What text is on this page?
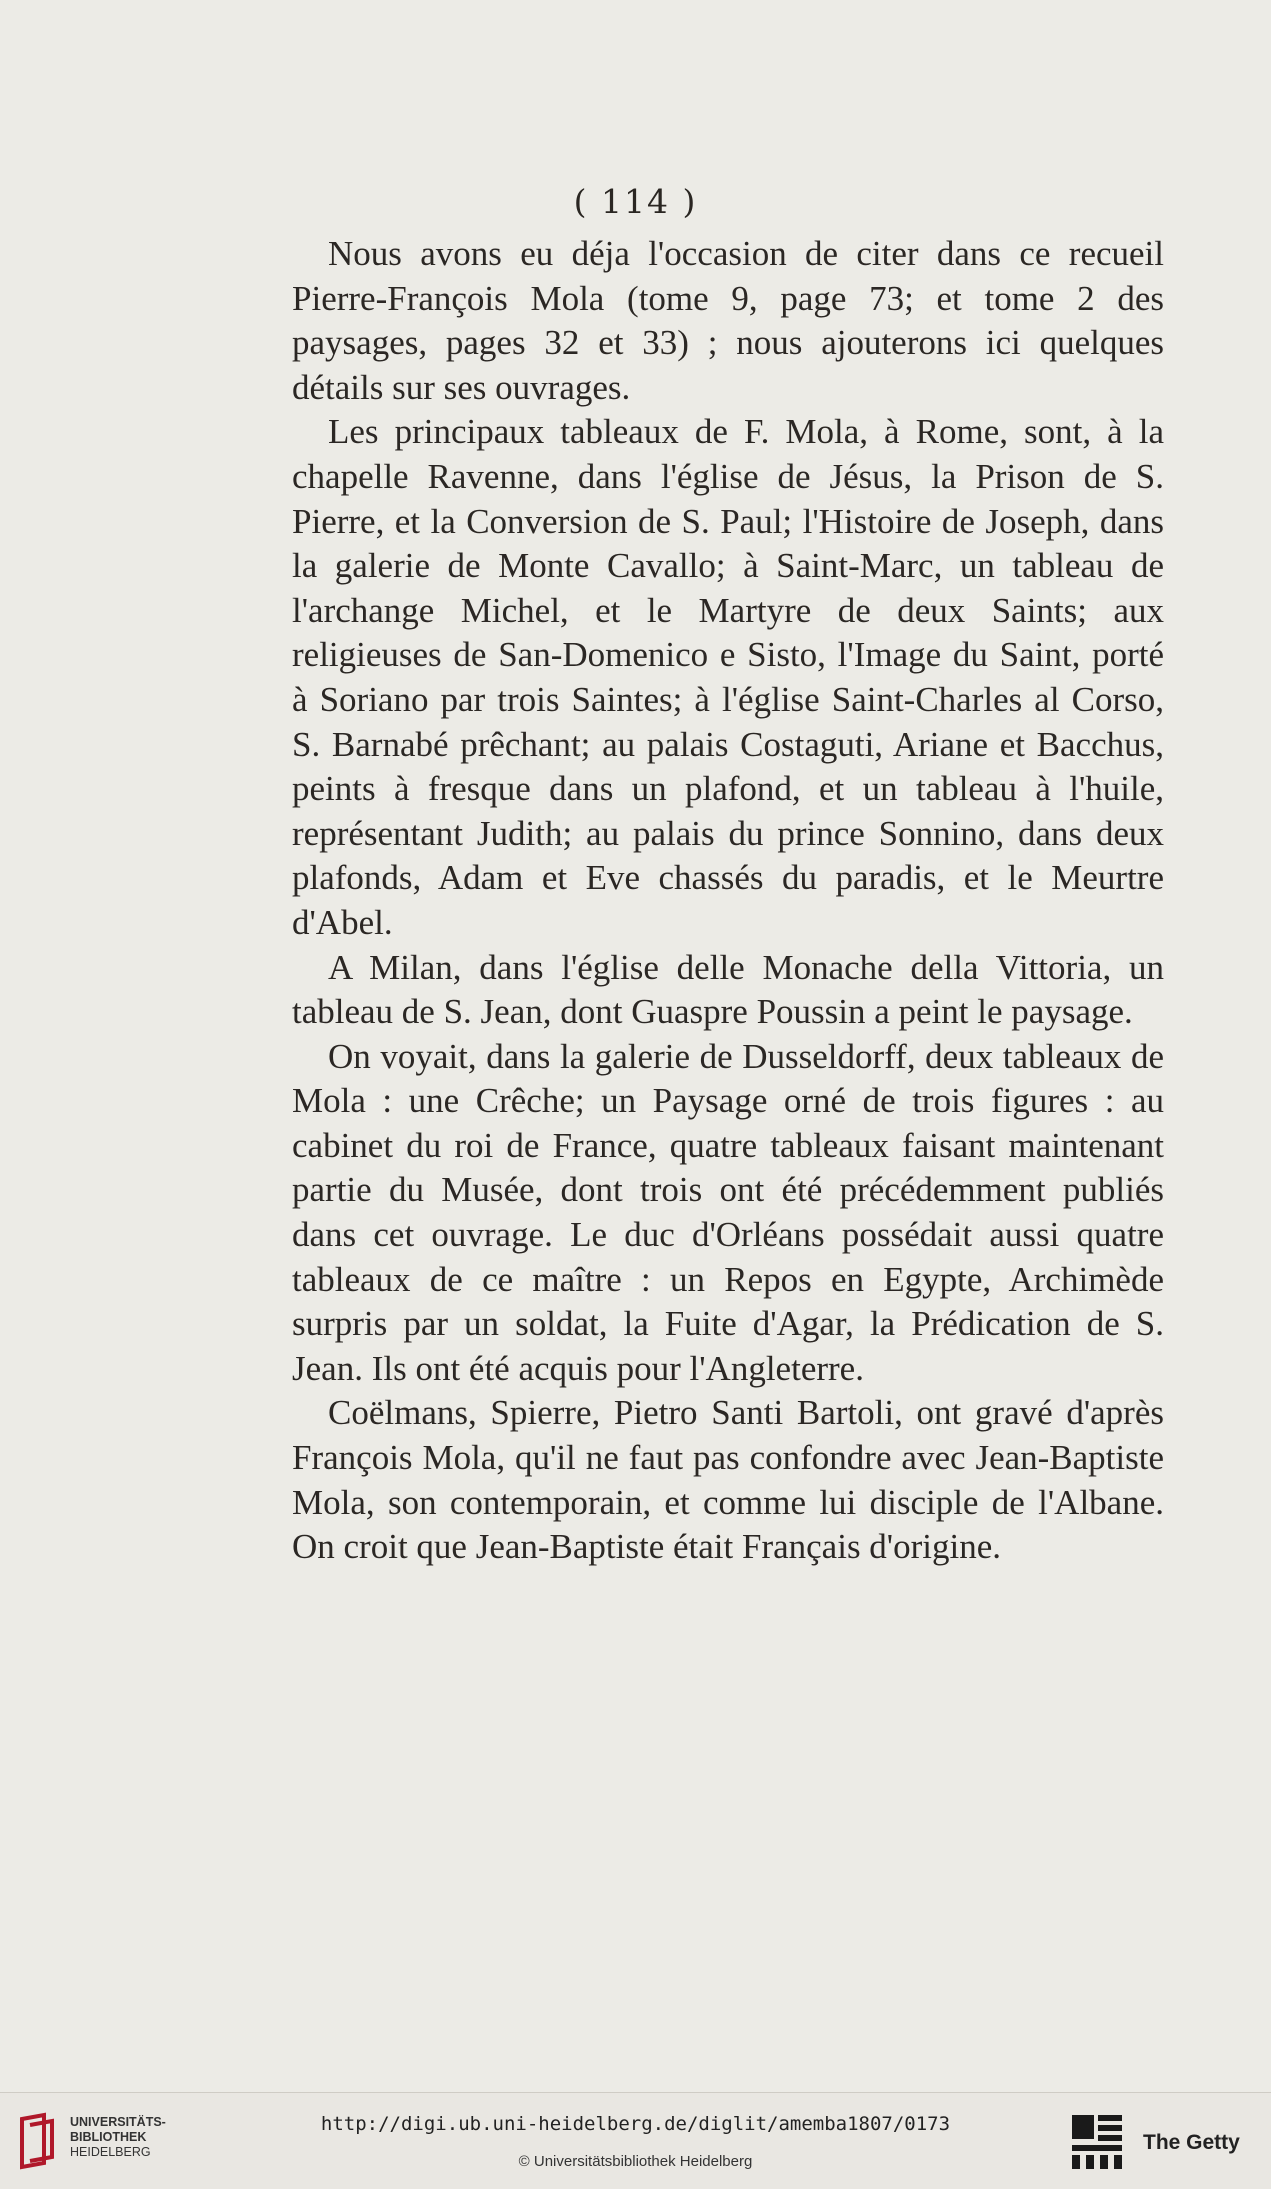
( 114 )

Nous avons eu déja l'occasion de citer dans ce recueil Pierre-François Mola (tome 9, page 73; et tome 2 des paysages, pages 32 et 33) ; nous ajouterons ici quelques détails sur ses ouvrages.

Les principaux tableaux de F. Mola, à Rome, sont, à la chapelle Ravenne, dans l'église de Jésus, la Prison de S. Pierre, et la Conversion de S. Paul; l'Histoire de Joseph, dans la galerie de Monte Cavallo; à Saint-Marc, un tableau de l'archange Michel, et le Martyre de deux Saints; aux religieuses de San-Domenico e Sisto, l'Image du Saint, porté à Soriano par trois Saintes; à l'église Saint-Charles al Corso, S. Barnabé prêchant; au palais Costaguti, Ariane et Bacchus, peints à fresque dans un plafond, et un tableau à l'huile, représentant Judith; au palais du prince Sonnino, dans deux plafonds, Adam et Eve chassés du paradis, et le Meurtre d'Abel.

A Milan, dans l'église delle Monache della Vittoria, un tableau de S. Jean, dont Guaspre Poussin a peint le paysage.

On voyait, dans la galerie de Dusseldorff, deux tableaux de Mola : une Crêche; un Paysage orné de trois figures : au cabinet du roi de France, quatre tableaux faisant maintenant partie du Musée, dont trois ont été précédemment publiés dans cet ouvrage. Le duc d'Orléans possédait aussi quatre tableaux de ce maître : un Repos en Egypte, Archimède surpris par un soldat, la Fuite d'Agar, la Prédication de S. Jean. Ils ont été acquis pour l'Angleterre.

Coëlmans, Spierre, Pietro Santi Bartoli, ont gravé d'après François Mola, qu'il ne faut pas confondre avec Jean-Baptiste Mola, son contemporain, et comme lui disciple de l'Albane. On croit que Jean-Baptiste était Français d'origine.

UNIVERSITÄTS-
BIBLIOTHEK
HEIDELBERG
http://digi.ub.uni-heidelberg.de/diglit/amemba1807/0173
© Universitätsbibliothek Heidelberg
The Getty
